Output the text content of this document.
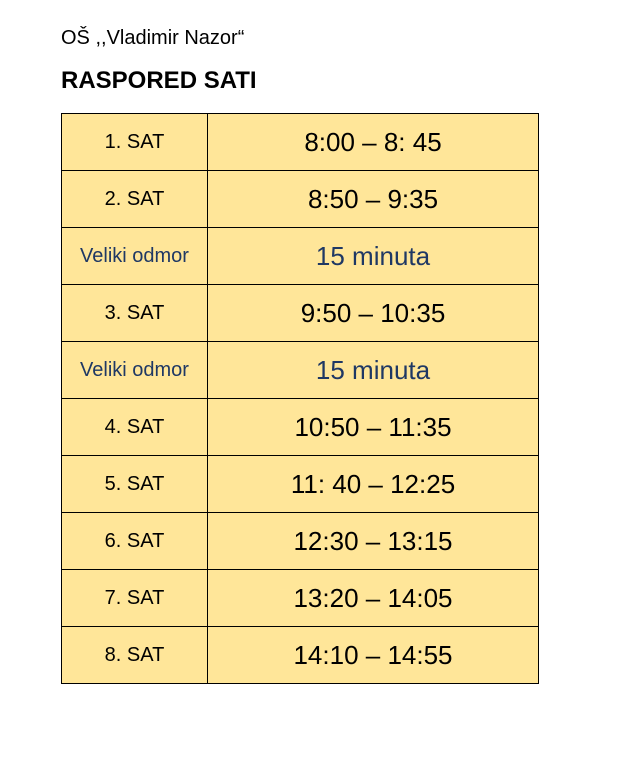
OŠ ,,Vladimir Nazor“
RASPORED SATI
1. SAT	8:00 – 8: 45
2. SAT	8:50 – 9:35
Veliki odmor	15 minuta
3. SAT	9:50 – 10:35
Veliki odmor	15 minuta
4. SAT	10:50 – 11:35
5. SAT	11: 40 – 12:25
6. SAT	12:30 – 13:15
7. SAT	13:20 – 14:05
8. SAT	14:10 – 14:55
